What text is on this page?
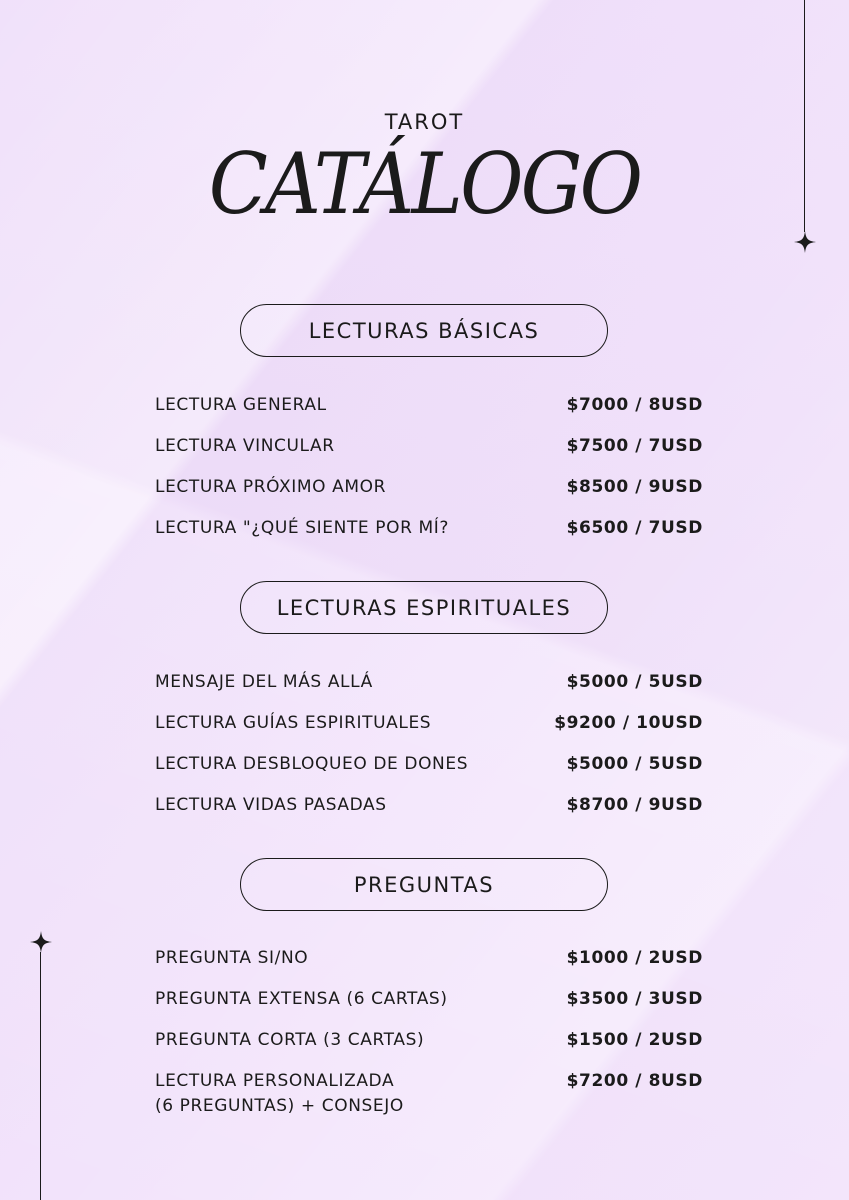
TAROT
CATÁLOGO
LECTURAS BÁSICAS
LECTURA GENERAL	$7000 / 8USD
LECTURA VINCULAR	$7500 / 7USD
LECTURA PRÓXIMO AMOR	$8500 / 9USD
LECTURA "¿QUÉ SIENTE POR MÍ?	$6500 / 7USD
LECTURAS ESPIRITUALES
MENSAJE DEL MÁS ALLÁ	$5000 / 5USD
LECTURA GUÍAS ESPIRITUALES	$9200 / 10USD
LECTURA DESBLOQUEO DE DONES	$5000 / 5USD
LECTURA VIDAS PASADAS	$8700 / 9USD
PREGUNTAS
PREGUNTA SI/NO	$1000 / 2USD
PREGUNTA EXTENSA (6 CARTAS)	$3500 / 3USD
PREGUNTA CORTA (3 CARTAS)	$1500 / 2USD
LECTURA PERSONALIZADA
(6 PREGUNTAS) + CONSEJO
$7200 / 8USD
